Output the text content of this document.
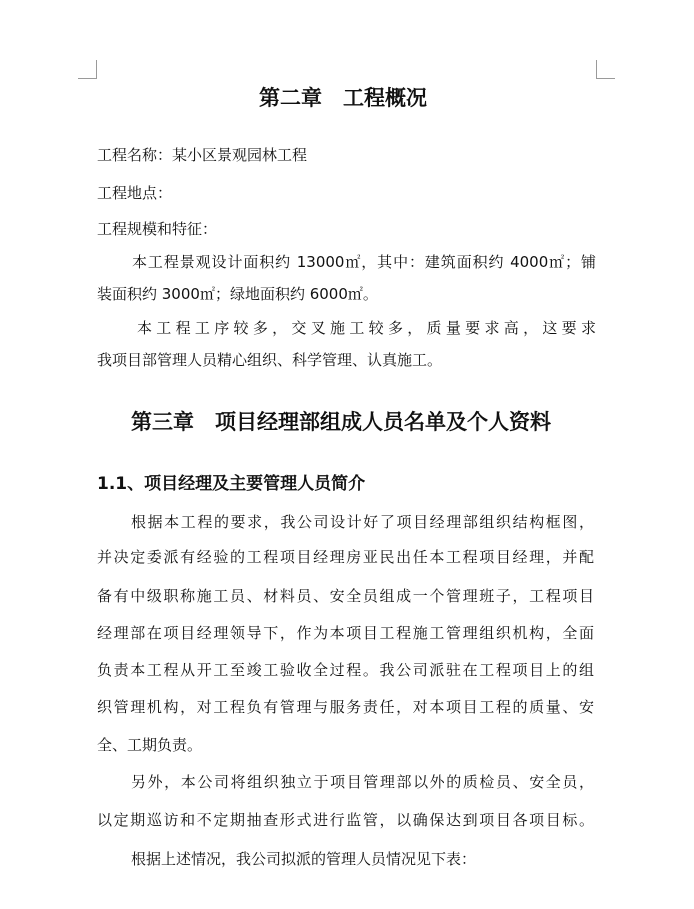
第二章　工程概况
工程名称：某小区景观园林工程
工程地点：
工程规模和特征：
本工程景观设计面积约 13000㎡，其中：建筑面积约 4000㎡；铺
装面积约 3000㎡；绿地面积约 6000㎡。
本工程工序较多，交叉施工较多，质量要求高，这要求
我项目部管理人员精心组织、科学管理、认真施工。
第三章　项目经理部组成人员名单及个人资料
1.1、项目经理及主要管理人员简介
根据本工程的要求，我公司设计好了项目经理部组织结构框图，
并决定委派有经验的工程项目经理房亚民出任本工程项目经理，并配
备有中级职称施工员、材料员、安全员组成一个管理班子，工程项目
经理部在项目经理领导下，作为本项目工程施工管理组织机构，全面
负责本工程从开工至竣工验收全过程。我公司派驻在工程项目上的组
织管理机构，对工程负有管理与服务责任，对本项目工程的质量、安
全、工期负责。
另外，本公司将组织独立于项目管理部以外的质检员、安全员，
以定期巡访和不定期抽查形式进行监管，以确保达到项目各项目标。
根据上述情况，我公司拟派的管理人员情况见下表：
